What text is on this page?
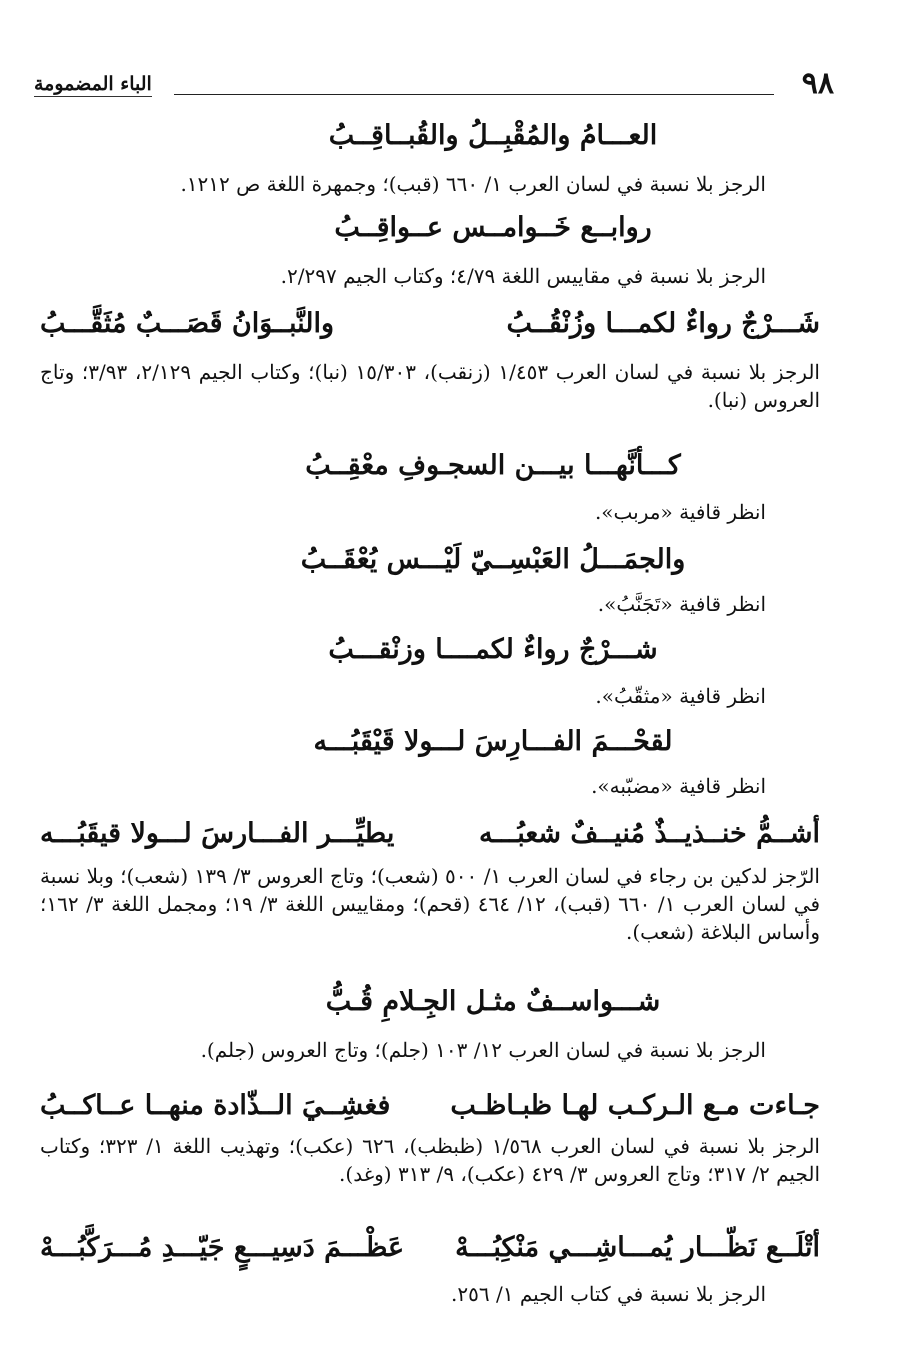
٩٨
الباء المضمومة
العـــامُ والمُقْبِــلُ والقُبــاقِــبُ
الرجز بلا نسبة في لسان العرب ١/ ٦٦٠ (قبب)؛ وجمهرة اللغة ص ١٢١٢.
روابــع خَــوامــس عــواقِــبُ
الرجز بلا نسبة في مقاييس اللغة ٤/٧٩؛ وكتاب الجيم ٢/٢٩٧.
شَـــرْجٌ رواءٌ لكمـــا وزُنْقُــبُ
والنَّبــوَانُ قَصَـــبٌ مُثَقَّـــبُ
الرجز بلا نسبة في لسان العرب ١/٤٥٣ (زنقب)، ١٥/٣٠٣ (نبا)؛ وكتاب الجيم ٢/١٢٩، ٣/٩٣؛ وتاج العروس (نبا).
كـــأنَّهـــا بيـــن السجـوفِ معْقِــبُ
انظر قافية «مربب».
والجمَـــلُ العَبْسِــيّ لَيْـــس يُعْقَــبُ
انظر قافية «تَجَنَّبُ».
شـــرْجٌ رواءٌ لكمــــا وزنْقـــبُ
انظر قافية «مثقّبُ».
لقحْـــمَ الفـــارِسَ لـــولا قَيْقَبُـــه
انظر قافية «مضبّبه».
أشــمُّ خنــذيــذٌ مُنيــفٌ شعبُـــه
يطيِّـــر الفـــارسَ لـــولا قيقَبُـــه
الرّجز لدكين بن رجاء في لسان العرب ١/ ٥٠٠ (شعب)؛ وتاج العروس ٣/ ١٣٩ (شعب)؛ وبلا نسبة في لسان العرب ١/ ٦٦٠ (قبب)، ١٢/ ٤٦٤ (قحم)؛ ومقاييس اللغة ٣/ ١٩؛ ومجمل اللغة ٣/ ١٦٢؛ وأساس البلاغة (شعب).
شـــواســفٌ مثـل الجِـلامِ قُـبُّ
الرجز بلا نسبة في لسان العرب ١٢/ ١٠٣ (جلم)؛ وتاج العروس (جلم).
جـاءت مـع الـركـب لهـا ظبـاظـب
فغشِــيَ الــذّادة منهــا عــاكــبُ
الرجز بلا نسبة في لسان العرب ١/٥٦٨ (ظبظب)، ٦٢٦ (عكب)؛ وتهذيب اللغة ١/ ٣٢٣؛ وكتاب الجيم ٢/ ٣١٧؛ وتاج العروس ٣/ ٤٢٩ (عكب)، ٩/ ٣١٣ (وغد).
أتْلَــع نَظّـــار يُمـــاشِـــي مَنْكِبُـــهْ
عَظْـــمَ دَسِيـــعٍ جَيّـــدِ مُـــرَكَّبُـــهْ
الرجز بلا نسبة في كتاب الجيم ١/ ٢٥٦.
